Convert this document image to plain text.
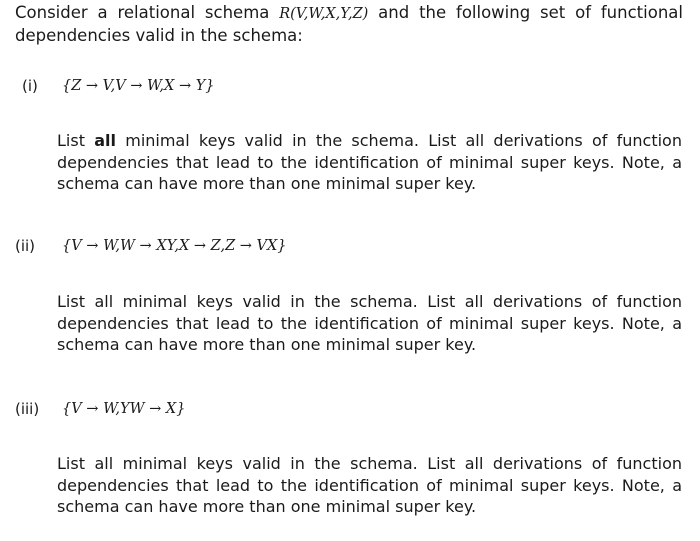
Consider a relational schema R(V,W,X,Y,Z) and the following set of functional dependencies valid in the schema:

(i) {Z → V,V → W,X → Y}

List all minimal keys valid in the schema. List all derivations of function dependencies that lead to the identification of minimal super keys. Note, a schema can have more than one minimal super key.

(ii) {V → W,W → XY,X → Z,Z → VX}

List all minimal keys valid in the schema. List all derivations of function dependencies that lead to the identification of minimal super keys. Note, a schema can have more than one minimal super key.

(iii) {V → W,YW → X}

List all minimal keys valid in the schema. List all derivations of function dependencies that lead to the identification of minimal super keys. Note, a schema can have more than one minimal super key.
